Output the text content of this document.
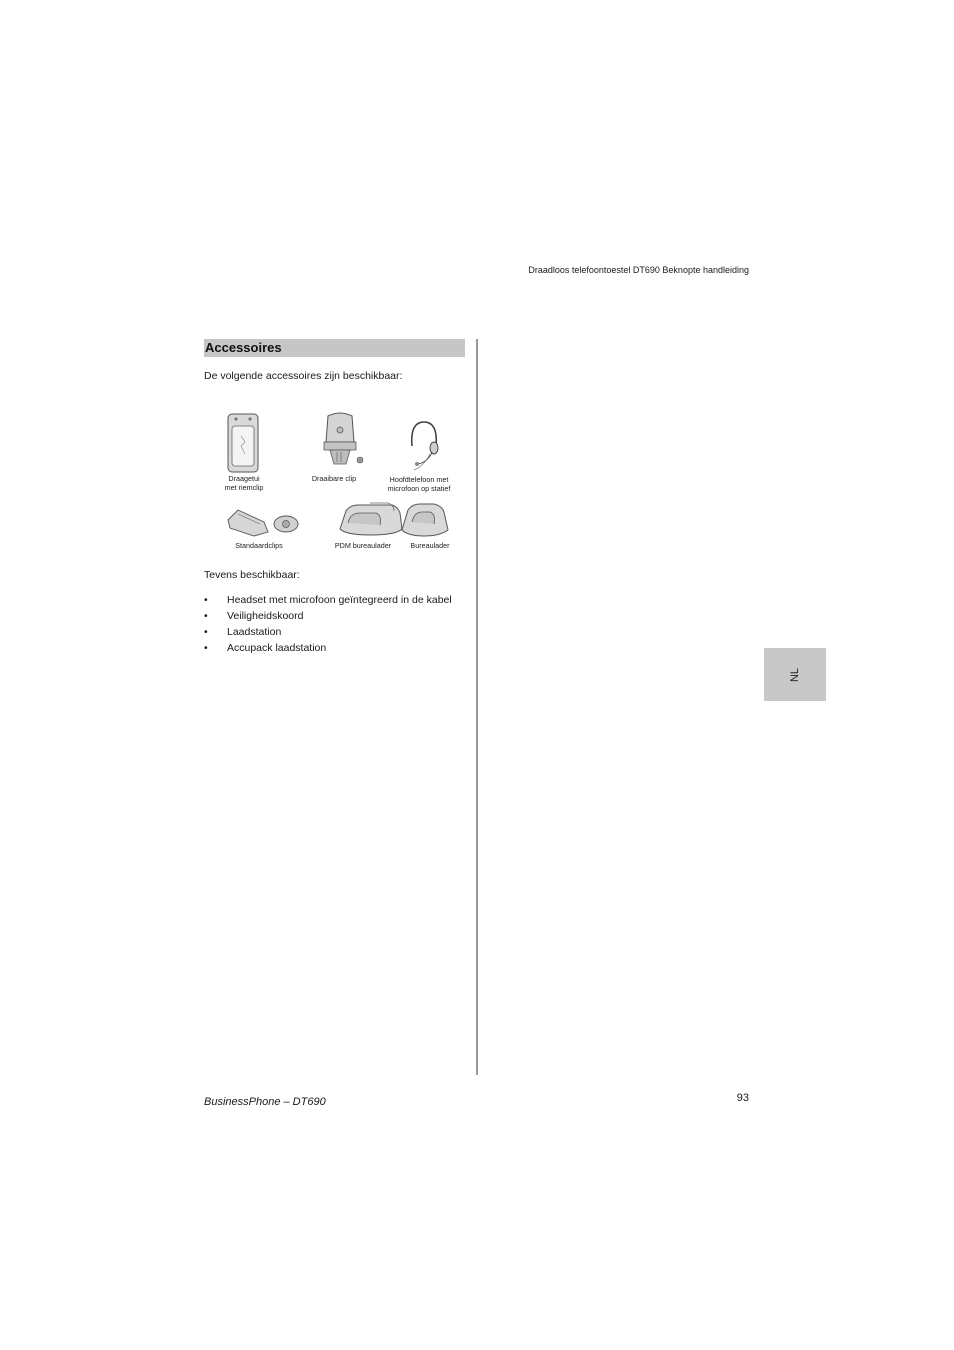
Draadloos telefoontoestel DT690 Beknopte handleiding
Accessoires
De volgende accessoires zijn beschikbaar:
Draagetui
met riemclip
Draaibare clip	Hoofdtelefoon met
microfoon op statief
Standaardclips	PDM bureaulader	Bureaulader
Tevens beschikbaar:
• Headset met microfoon geïntegreerd in de kabel
• Veiligheidskoord
• Laadstation
• Accupack laadstation
NL
BusinessPhone – DT690	93
